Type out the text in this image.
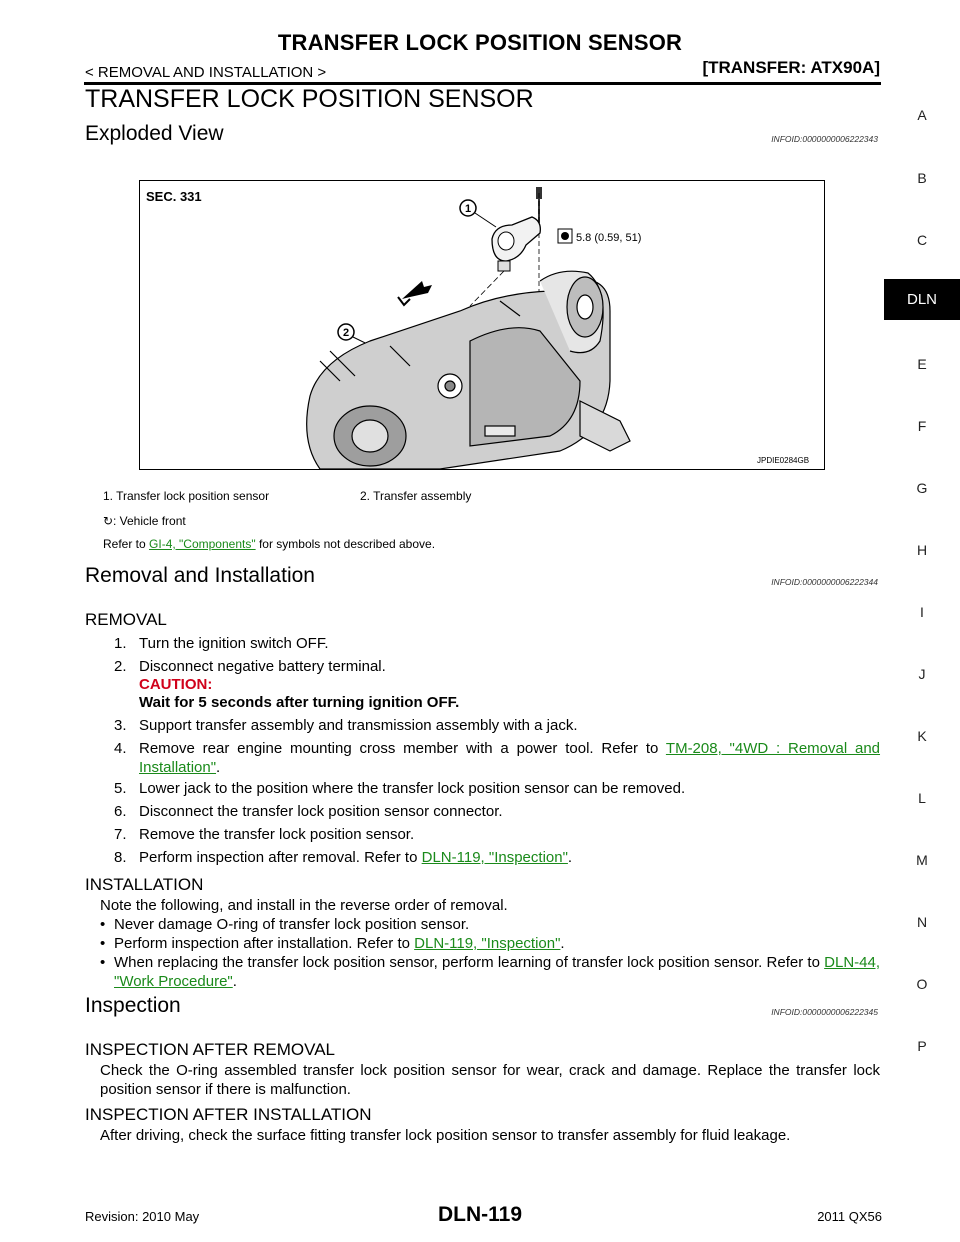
TRANSFER LOCK POSITION SENSOR
< REMOVAL AND INSTALLATION >	[TRANSFER: ATX90A]
TRANSFER LOCK POSITION SENSOR
Exploded View	INFOID:0000000006222343
SEC. 331
1
5.8 (0.59, 51)
2
JPDIE0284GB
1. Transfer lock position sensor	2. Transfer assembly
↻: Vehicle front
Refer to GI-4, "Components" for symbols not described above.
Removal and Installation	INFOID:0000000006222344
REMOVAL
1. Turn the ignition switch OFF.
2. Disconnect negative battery terminal.
CAUTION:
Wait for 5 seconds after turning ignition OFF.
3. Support transfer assembly and transmission assembly with a jack.
4. Remove rear engine mounting cross member with a power tool. Refer to TM-208, "4WD : Removal and Installation".
5. Lower jack to the position where the transfer lock position sensor can be removed.
6. Disconnect the transfer lock position sensor connector.
7. Remove the transfer lock position sensor.
8. Perform inspection after removal. Refer to DLN-119, "Inspection".
INSTALLATION
Note the following, and install in the reverse order of removal.
• Never damage O-ring of transfer lock position sensor.
• Perform inspection after installation. Refer to DLN-119, "Inspection".
• When replacing the transfer lock position sensor, perform learning of transfer lock position sensor. Refer to DLN-44, "Work Procedure".
Inspection	INFOID:0000000006222345
INSPECTION AFTER REMOVAL
Check the O-ring assembled transfer lock position sensor for wear, crack and damage. Replace the transfer lock position sensor if there is malfunction.
INSPECTION AFTER INSTALLATION
After driving, check the surface fitting transfer lock position sensor to transfer assembly for fluid leakage.
A
B
C
DLN
E
F
G
H
I
J
K
L
M
N
O
P
Revision: 2010 May	DLN-119	2011 QX56
